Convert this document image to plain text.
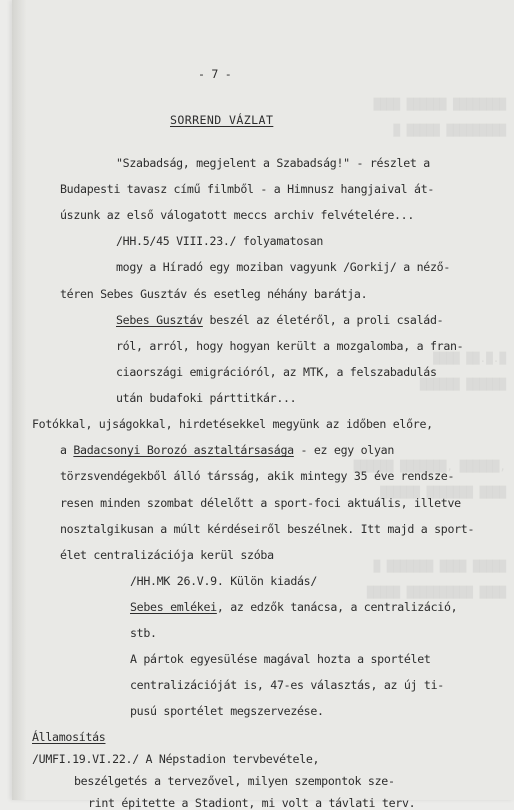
████ ██████ ████████
█ █████ █████████
████ ██.█.█
██████ ██████
██████ ███████, ██████,
██████ ███████ ████
█ ███████ ████ █████
█████ ██████████ ████
- 7 -
SORREND VÁZLAT
"Szabadság, megjelent a Szabadság!" - részlet a
Budapesti tavasz című filmből - a Himnusz hangjaival át-
úszunk az első válogatott meccs archiv felvételére...
/HH.5/45 VIII.23./ folyamatosan
mogy a Híradó egy moziban vagyunk /Gorkij/ a néző-
téren Sebes Gusztáv és esetleg néhány barátja.
Sebes Gusztáv beszél az életéről, a proli család-
ról, arról, hogy hogyan került a mozgalomba, a fran-
ciaországi emigrációról, az MTK, a felszabadulás
után budafoki párttitkár...
Fotókkal, ujságokkal, hirdetésekkel megyünk az időben előre,
a Badacsonyi Borozó asztaltársasága - ez egy olyan
törzsvendégekből álló társság, akik mintegy 35 éve rendsze-
resen minden szombat délelőtt a sport-foci aktuális, illetve
nosztalgikusan a múlt kérdéseiről beszélnek. Itt majd a sport-
élet centralizációja kerül szóba
/HH.MK 26.V.9. Külön kiadás/
Sebes emlékei, az edzők tanácsa, a centralizáció,
stb.
A pártok egyesülése magával hozta a sportélet
centralizációját is, 47-es választás, az új ti-
pusú sportélet megszervezése.
Államosítás
/UMFI.19.VI.22./ A Népstadion tervbevétele,
beszélgetés a tervezővel, milyen szempontok sze-
rint épitette a Stadiont, mi volt a távlati terv.
